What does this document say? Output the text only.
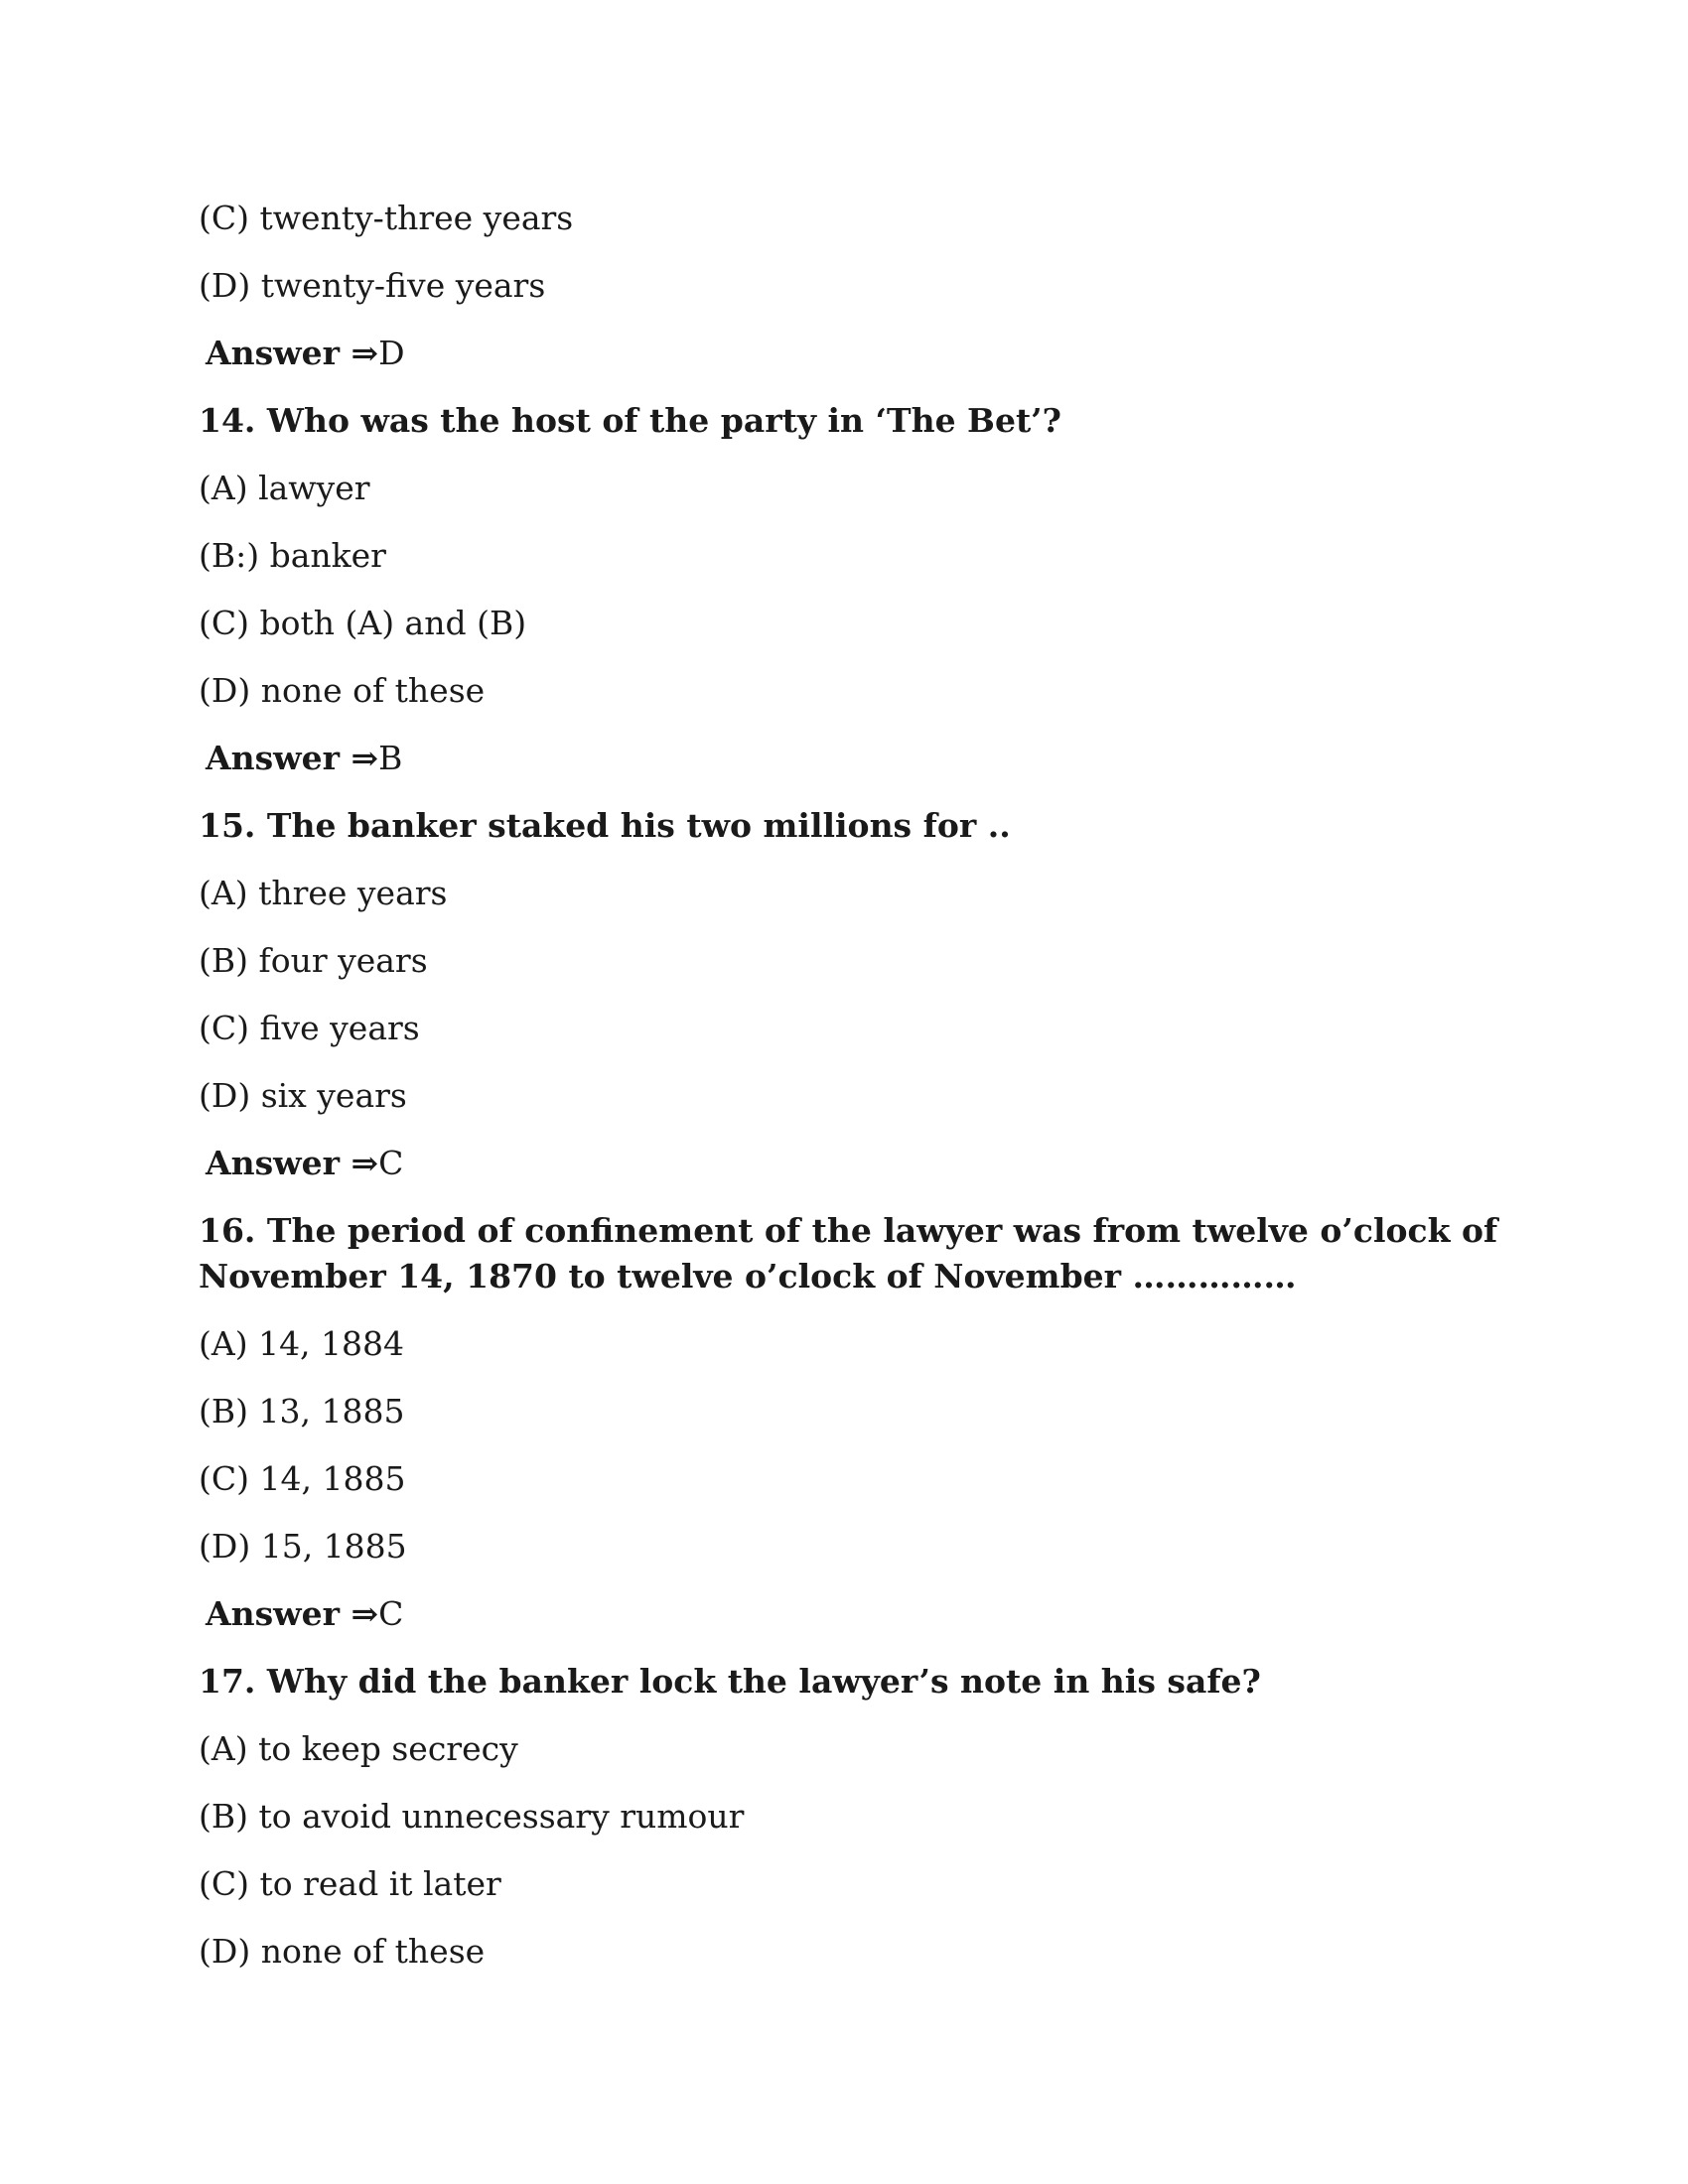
(C) twenty-three years
(D) twenty-five years
Answer ⇒D
14. Who was the host of the party in ‘The Bet’?
(A) lawyer
(B:) banker
(C) both (A) and (B)
(D) none of these
Answer ⇒B
15. The banker staked his two millions for ..
(A) three years
(B) four years
(C) five years
(D) six years
Answer ⇒C
16. The period of confinement of the lawyer was from twelve o’clock of
November 14, 1870 to twelve o’clock of November ……………
(A) 14, 1884
(B) 13, 1885
(C) 14, 1885
(D) 15, 1885
Answer ⇒C
17. Why did the banker lock the lawyer’s note in his safe?
(A) to keep secrecy
(B) to avoid unnecessary rumour
(C) to read it later
(D) none of these
